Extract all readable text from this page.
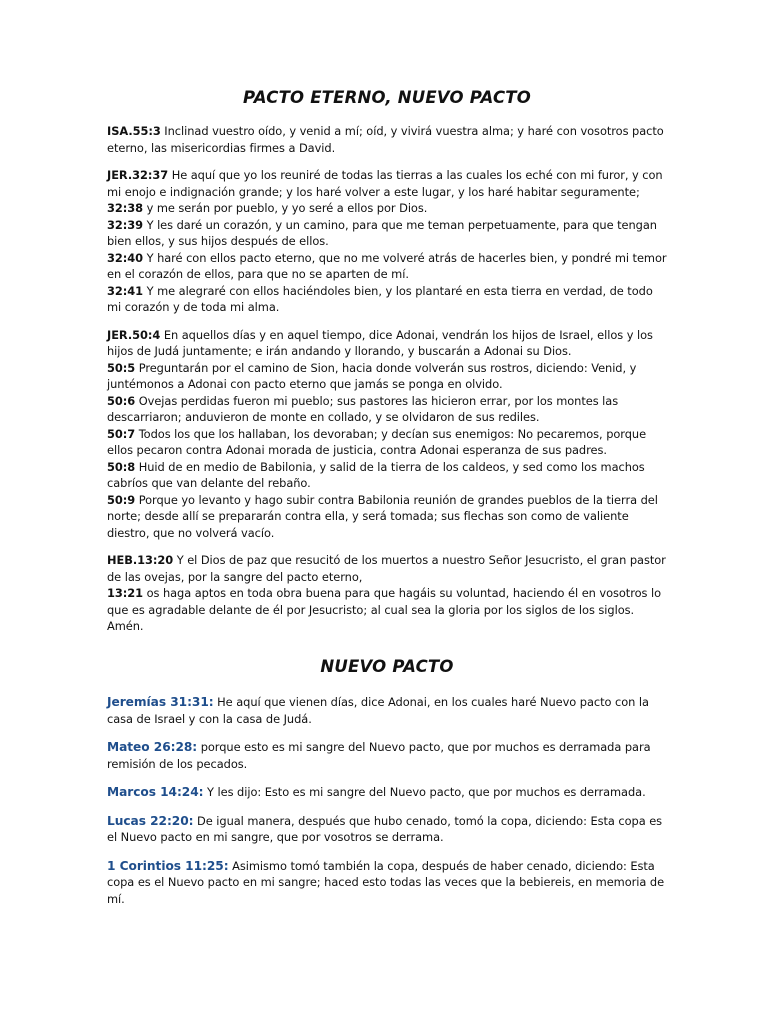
PACTO ETERNO, NUEVO PACTO

ISA.55:3 Inclinad vuestro oído, y venid a mí; oíd, y vivirá vuestra alma; y haré con vosotros pacto eterno, las misericordias firmes a David.

JER.32:37 He aquí que yo los reuniré de todas las tierras a las cuales los eché con mi furor, y con mi enojo e indignación grande; y los haré volver a este lugar, y los haré habitar seguramente;
32:38 y me serán por pueblo, y yo seré a ellos por Dios.
32:39 Y les daré un corazón, y un camino, para que me teman perpetuamente, para que tengan bien ellos, y sus hijos después de ellos.
32:40 Y haré con ellos pacto eterno, que no me volveré atrás de hacerles bien, y pondré mi temor en el corazón de ellos, para que no se aparten de mí.
32:41 Y me alegraré con ellos haciéndoles bien, y los plantaré en esta tierra en verdad, de todo mi corazón y de toda mi alma.

JER.50:4 En aquellos días y en aquel tiempo, dice Adonai, vendrán los hijos de Israel, ellos y los hijos de Judá juntamente; e irán andando y llorando, y buscarán a Adonai su Dios.
50:5 Preguntarán por el camino de Sion, hacia donde volverán sus rostros, diciendo: Venid, y juntémonos a Adonai con pacto eterno que jamás se ponga en olvido.
50:6 Ovejas perdidas fueron mi pueblo; sus pastores las hicieron errar, por los montes las descarriaron; anduvieron de monte en collado, y se olvidaron de sus rediles.
50:7 Todos los que los hallaban, los devoraban; y decían sus enemigos: No pecaremos, porque ellos pecaron contra Adonai morada de justicia, contra Adonai esperanza de sus padres.
50:8 Huid de en medio de Babilonia, y salid de la tierra de los caldeos, y sed como los machos cabríos que van delante del rebaño.
50:9 Porque yo levanto y hago subir contra Babilonia reunión de grandes pueblos de la tierra del norte; desde allí se prepararán contra ella, y será tomada; sus flechas son como de valiente diestro, que no volverá vacío.

HEB.13:20 Y el Dios de paz que resucitó de los muertos a nuestro Señor Jesucristo, el gran pastor de las ovejas, por la sangre del pacto eterno,
13:21 os haga aptos en toda obra buena para que hagáis su voluntad, haciendo él en vosotros lo que es agradable delante de él por Jesucristo; al cual sea la gloria por los siglos de los siglos. Amén.

NUEVO PACTO

Jeremías 31:31: He aquí que vienen días, dice Adonai, en los cuales haré Nuevo pacto con la casa de Israel y con la casa de Judá.

Mateo 26:28: porque esto es mi sangre del Nuevo pacto, que por muchos es derramada para remisión de los pecados.

Marcos 14:24: Y les dijo: Esto es mi sangre del Nuevo pacto, que por muchos es derramada.

Lucas 22:20: De igual manera, después que hubo cenado, tomó la copa, diciendo: Esta copa es el Nuevo pacto en mi sangre, que por vosotros se derrama.

1 Corintios 11:25: Asimismo tomó también la copa, después de haber cenado, diciendo: Esta copa es el Nuevo pacto en mi sangre; haced esto todas las veces que la bebiereis, en memoria de mí.
